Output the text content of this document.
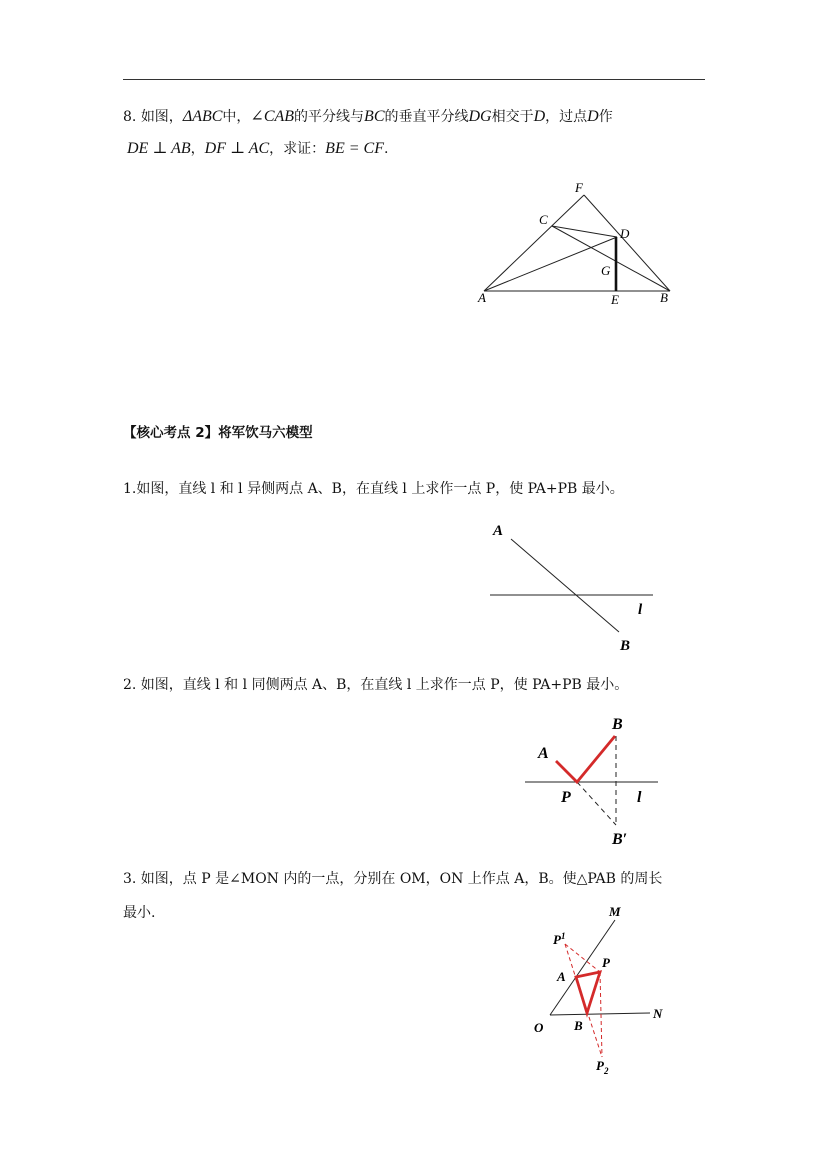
8. 如图，ΔABC中，∠CAB的平分线与BC的垂直平分线DG相交于D，过点D作
DE ⊥ AB，DF ⊥ AC，求证：BE = CF.
F
C
D
G
A	E	B
【核心考点 2】将军饮马六模型
1.如图，直线 l 和 l 异侧两点 A、B，在直线 l 上求作一点 P，使 PA+PB 最小。
A
l
B
2. 如图，直线 l 和 l 同侧两点 A、B，在直线 l 上求作一点 P，使 PA+PB 最小。
B
A
P	l
B′
3. 如图，点 P 是∠MON 内的一点，分别在 OM，ON 上作点 A，B。使△PAB 的周长
最小.	M
$P^1$
A
P
N
O B
$P_2$
